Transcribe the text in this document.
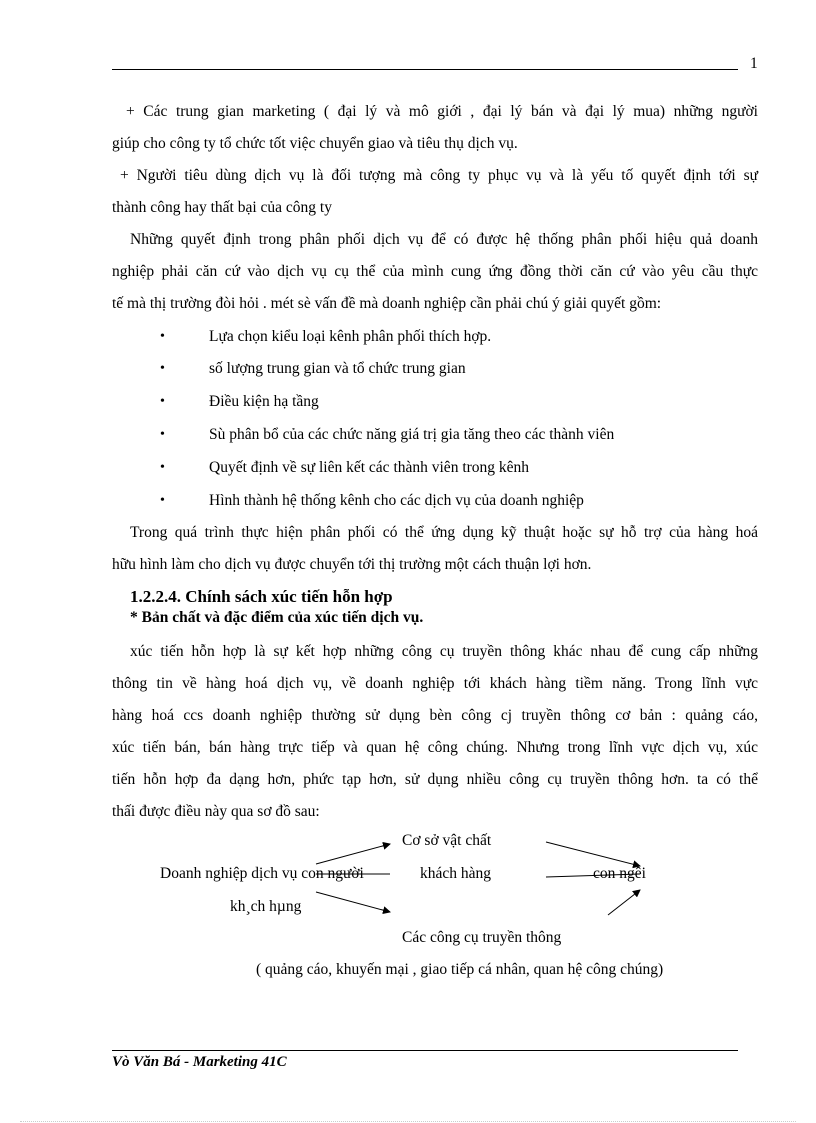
1
+ Các trung gian marketing ( đại lý và mô giới , đại lý bán và đại lý mua) những người
giúp cho công ty tổ chức tốt việc chuyển giao và tiêu thụ dịch vụ.
+ Người tiêu dùng dịch vụ là đối tượng mà công ty phục vụ và là yếu tố quyết định tới sự
thành công hay thất bại của công ty
Những quyết định trong phân phối dịch vụ để có được hệ thống phân phối hiệu quả doanh
nghiệp phải căn cứ vào dịch vụ cụ thể của mình cung ứng đồng thời căn cứ vào yêu cầu thực
tế mà thị trường đòi hỏi . mét sè vấn đề mà doanh nghiệp cần phải chú ý giải quyết gồm:
•	Lựa chọn kiểu loại kênh phân phối thích hợp.
•	số lượng trung gian và tổ chức trung gian
•	Điều kiện hạ tầng
•	Sù phân bổ của các chức năng giá trị gia tăng theo các thành viên
•	Quyết định về sự liên kết các thành viên trong kênh
•	Hình thành hệ thống kênh cho các dịch vụ của doanh nghiệp
Trong quá trình thực hiện phân phối có thể ứng dụng kỹ thuật hoặc sự hỗ trợ của hàng hoá
hữu hình làm cho dịch vụ được chuyển tới thị trường một cách thuận lợi hơn.
1.2.2.4. Chính sách xúc tiến hỗn hợp
* Bản chất và đặc điểm của xúc tiến dịch vụ.
xúc tiến hỗn hợp là sự kết hợp những công cụ truyền thông khác nhau để cung cấp những
thông tin về hàng hoá dịch vụ, về doanh nghiệp tới khách hàng tiềm năng. Trong lĩnh vực
hàng hoá ccs doanh nghiệp thường sử dụng bèn công cj truyền thông cơ bản : quảng cáo,
xúc tiến bán, bán hàng trực tiếp và quan hệ công chúng. Nhưng trong lĩnh vực dịch vụ, xúc
tiến hỗn hợp đa dạng hơn, phức tạp hơn, sử dụng nhiều công cụ truyền thông hơn. ta có thể
thấi được điều này qua sơ đồ sau:
Cơ sở vật chất
Doanh nghiệp dịch vụ con người	khách hàng	con ngêi
kh¸ch hµng
Các công cụ truyền thông
( quảng cáo, khuyến mại , giao tiếp cá nhân, quan hệ công chúng)
Vò Văn Bá - Marketing 41C
